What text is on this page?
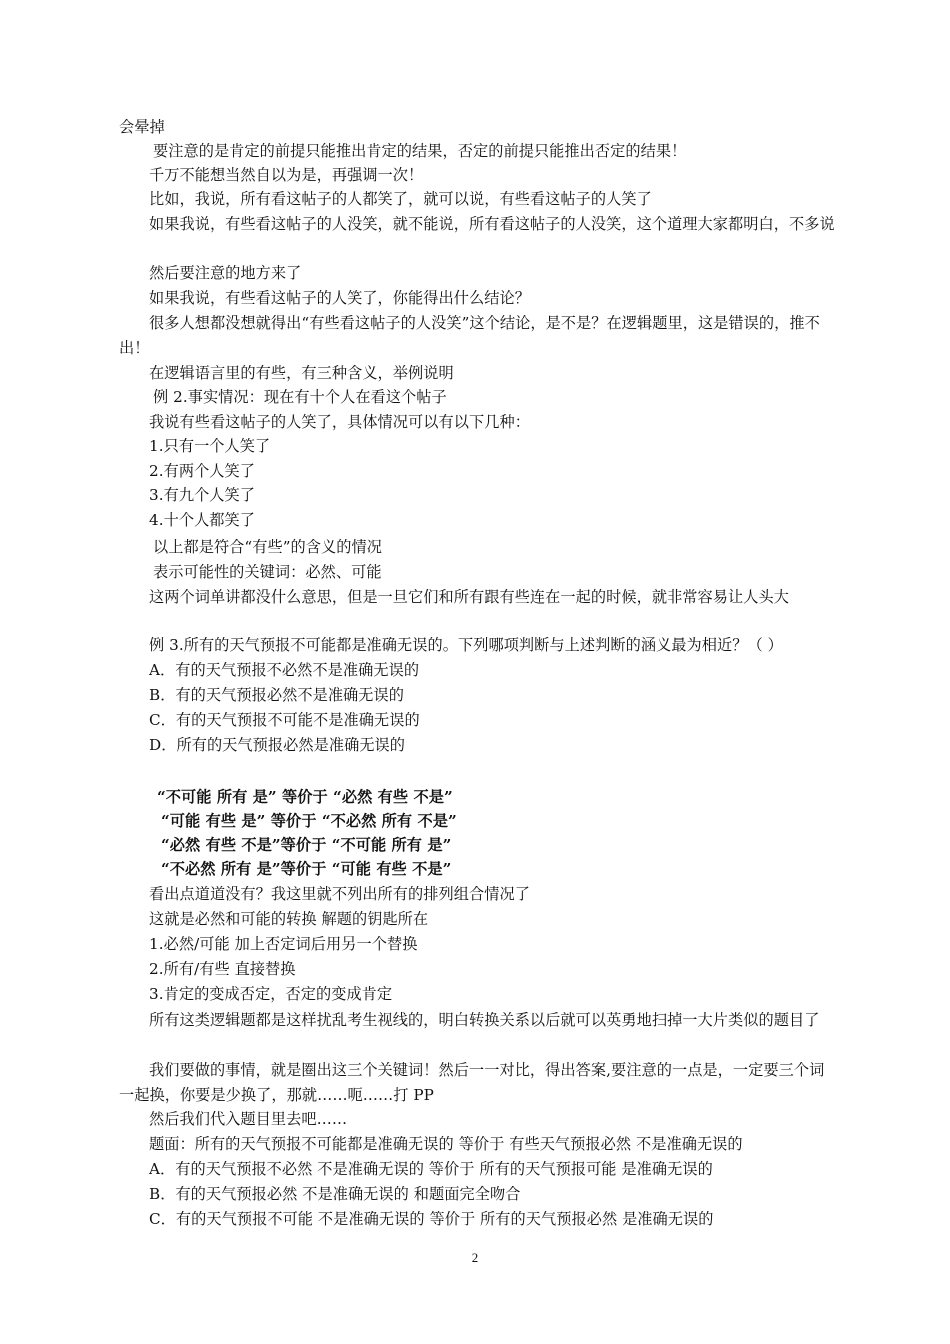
会晕掉
要注意的是肯定的前提只能推出肯定的结果，否定的前提只能推出否定的结果！
千万不能想当然自以为是，再强调一次！
比如，我说，所有看这帖子的人都笑了，就可以说，有些看这帖子的人笑了
如果我说，有些看这帖子的人没笑，就不能说，所有看这帖子的人没笑，这个道理大家都明白，不多说
然后要注意的地方来了
如果我说，有些看这帖子的人笑了，你能得出什么结论？
很多人想都没想就得出“有些看这帖子的人没笑”这个结论，是不是？在逻辑题里，这是错误的，推不出！
在逻辑语言里的有些，有三种含义，举例说明
例 2.事实情况：现在有十个人在看这个帖子
我说有些看这帖子的人笑了，具体情况可以有以下几种：
1.只有一个人笑了
2.有两个人笑了
3.有九个人笑了
4.十个人都笑了
以上都是符合“有些”的含义的情况
表示可能性的关键词：必然、可能
这两个词单讲都没什么意思，但是一旦它们和所有跟有些连在一起的时候，就非常容易让人头大
例 3.所有的天气预报不可能都是准确无误的。下列哪项判断与上述判断的涵义最为相近？（ ）
A．有的天气预报不必然不是准确无误的
B．有的天气预报必然不是准确无误的
C．有的天气预报不可能不是准确无误的
D．所有的天气预报必然是准确无误的
“不可能 所有 是” 等价于 “必然 有些 不是”
“可能 有些 是” 等价于 “不必然 所有 不是”
“必然 有些 不是”等价于 “不可能 所有 是”
“不必然 所有 是”等价于 “可能 有些 不是”
看出点道道没有？我这里就不列出所有的排列组合情况了
这就是必然和可能的转换 解题的钥匙所在
1.必然/可能 加上否定词后用另一个替换
2.所有/有些 直接替换
3.肯定的变成否定，否定的变成肯定
所有这类逻辑题都是这样扰乱考生视线的，明白转换关系以后就可以英勇地扫掉一大片类似的题目了
我们要做的事情，就是圈出这三个关键词！然后一一对比，得出答案,要注意的一点是，一定要三个词一起换，你要是少换了，那就……呃……打 PP
然后我们代入题目里去吧……
题面：所有的天气预报不可能都是准确无误的 等价于 有些天气预报必然 不是准确无误的
A．有的天气预报不必然 不是准确无误的 等价于 所有的天气预报可能 是准确无误的
B．有的天气预报必然 不是准确无误的 和题面完全吻合
C．有的天气预报不可能 不是准确无误的 等价于 所有的天气预报必然 是准确无误的
2
